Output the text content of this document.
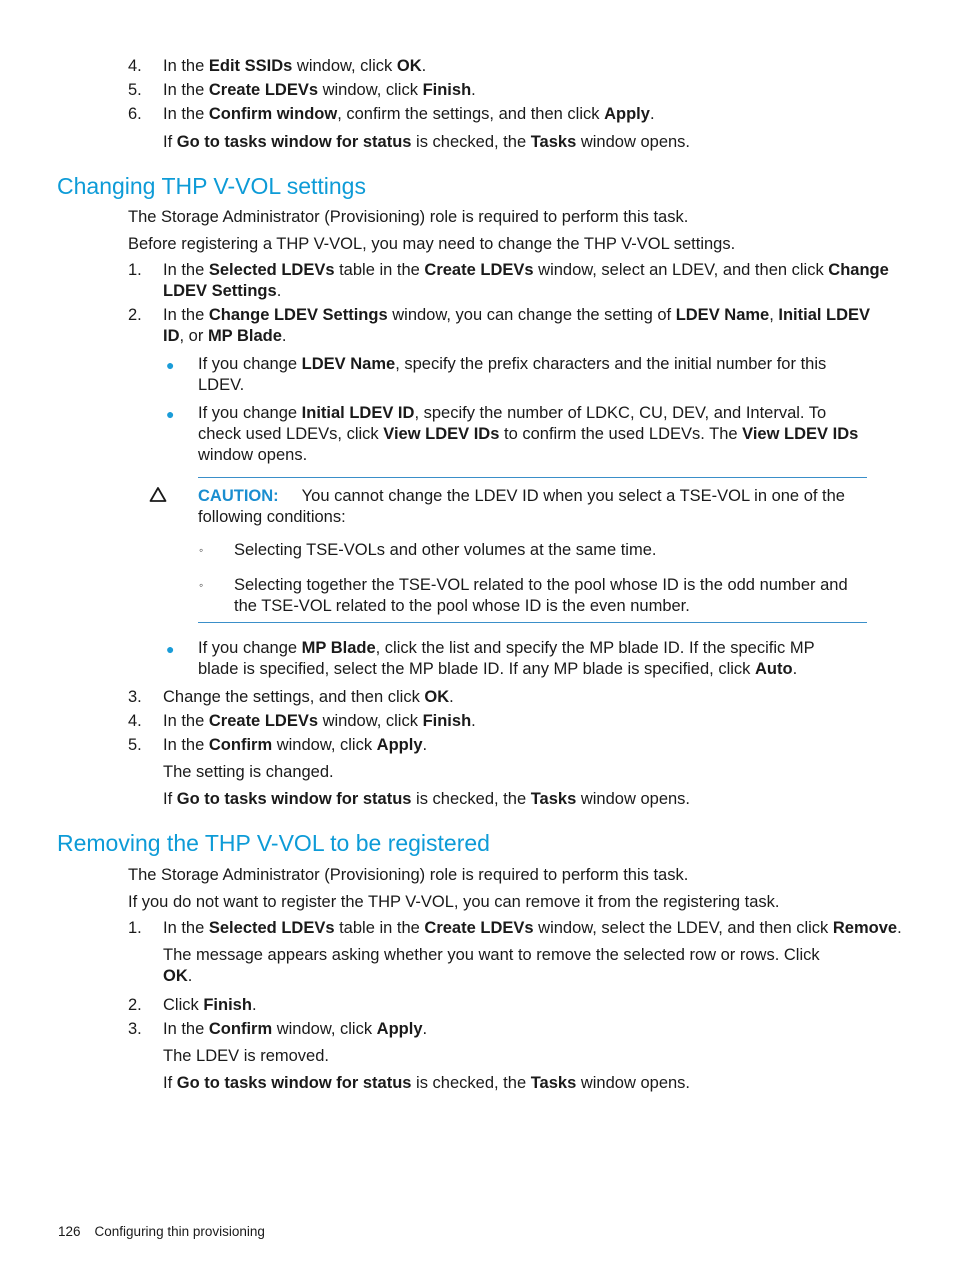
4. In the Edit SSIDs window, click OK.
5. In the Create LDEVs window, click Finish.
6. In the Confirm window, confirm the settings, and then click Apply.
If Go to tasks window for status is checked, the Tasks window opens.
Changing THP V-VOL settings
The Storage Administrator (Provisioning) role is required to perform this task.
Before registering a THP V-VOL, you may need to change the THP V-VOL settings.
1. In the Selected LDEVs table in the Create LDEVs window, select an LDEV, and then click Change
LDEV Settings.
2. In the Change LDEV Settings window, you can change the setting of LDEV Name, Initial LDEV
ID, or MP Blade.
● If you change LDEV Name, specify the prefix characters and the initial number for this
LDEV.
● If you change Initial LDEV ID, specify the number of LDKC, CU, DEV, and Interval. To
check used LDEVs, click View LDEV IDs to confirm the used LDEVs. The View LDEV IDs
window opens.
CAUTION: You cannot change the LDEV ID when you select a TSE-VOL in one of the
following conditions:
◦ Selecting TSE-VOLs and other volumes at the same time.
◦ Selecting together the TSE-VOL related to the pool whose ID is the odd number and
the TSE-VOL related to the pool whose ID is the even number.
● If you change MP Blade, click the list and specify the MP blade ID. If the specific MP
blade is specified, select the MP blade ID. If any MP blade is specified, click Auto.
3. Change the settings, and then click OK.
4. In the Create LDEVs window, click Finish.
5. In the Confirm window, click Apply.
The setting is changed.
If Go to tasks window for status is checked, the Tasks window opens.
Removing the THP V-VOL to be registered
The Storage Administrator (Provisioning) role is required to perform this task.
If you do not want to register the THP V-VOL, you can remove it from the registering task.
1. In the Selected LDEVs table in the Create LDEVs window, select the LDEV, and then click Remove.
The message appears asking whether you want to remove the selected row or rows. Click
OK.
2. Click Finish.
3. In the Confirm window, click Apply.
The LDEV is removed.
If Go to tasks window for status is checked, the Tasks window opens.
126 Configuring thin provisioning
